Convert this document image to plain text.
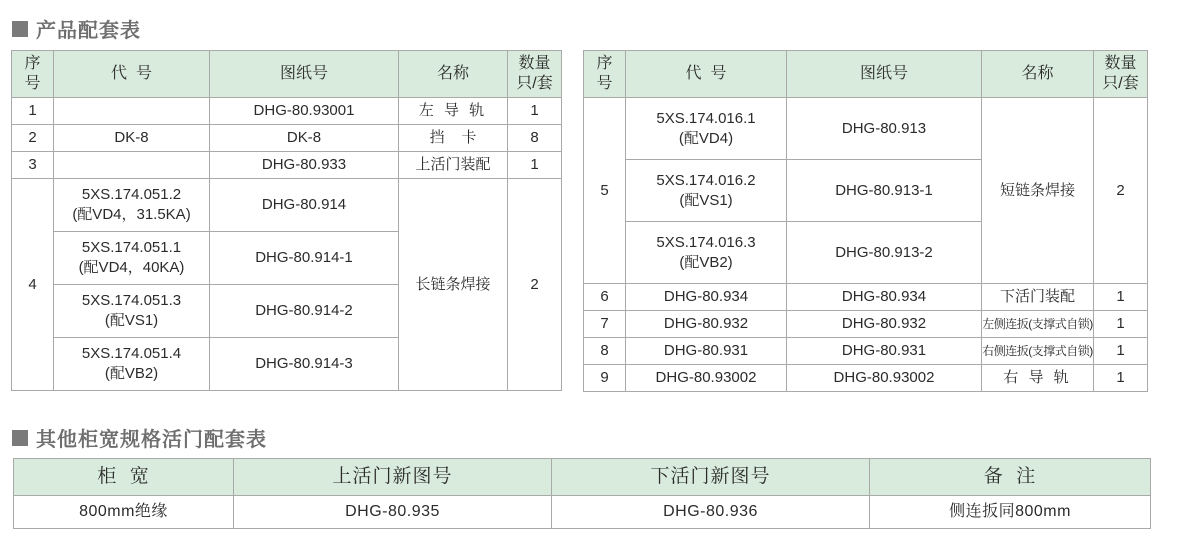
产品配套表
序号	代  号	图纸号	名称	数量只/套
1		DHG-80.93001	左 导 轨	1
2	DK-8	DK-8	挡    卡	8
3		DHG-80.933	上活门装配	1
4	5XS.174.051.2
(配VD4，31.5KA)	DHG-80.914	长链条焊接	2

	5XS.174.051.1
(配VD4，40KA)	DHG-80.914-1		

	5XS.174.051.3
(配VS1)	DHG-80.914-2		

	5XS.174.051.4
(配VB2)	DHG-80.914-3		
序号	代  号	图纸号	名称	数量只/套
5	5XS.174.016.1
(配VD4)	DHG-80.913	短链条焊接	2

	5XS.174.016.2
(配VS1)	DHG-80.913-1		

	5XS.174.016.3
(配VB2)	DHG-80.913-2		
6	DHG-80.934	DHG-80.934	下活门装配	1
7	DHG-80.932	DHG-80.932	左侧连扳(支撑式自锁)	1
8	DHG-80.931	DHG-80.931	右侧连扳(支撑式自锁)	1
9	DHG-80.93002	DHG-80.93002	右 导 轨	1
其他柜宽规格活门配套表
柜  宽	上活门新图号	下活门新图号	备  注
800mm绝缘	DHG-80.935	DHG-80.936	侧连扳同800mm
